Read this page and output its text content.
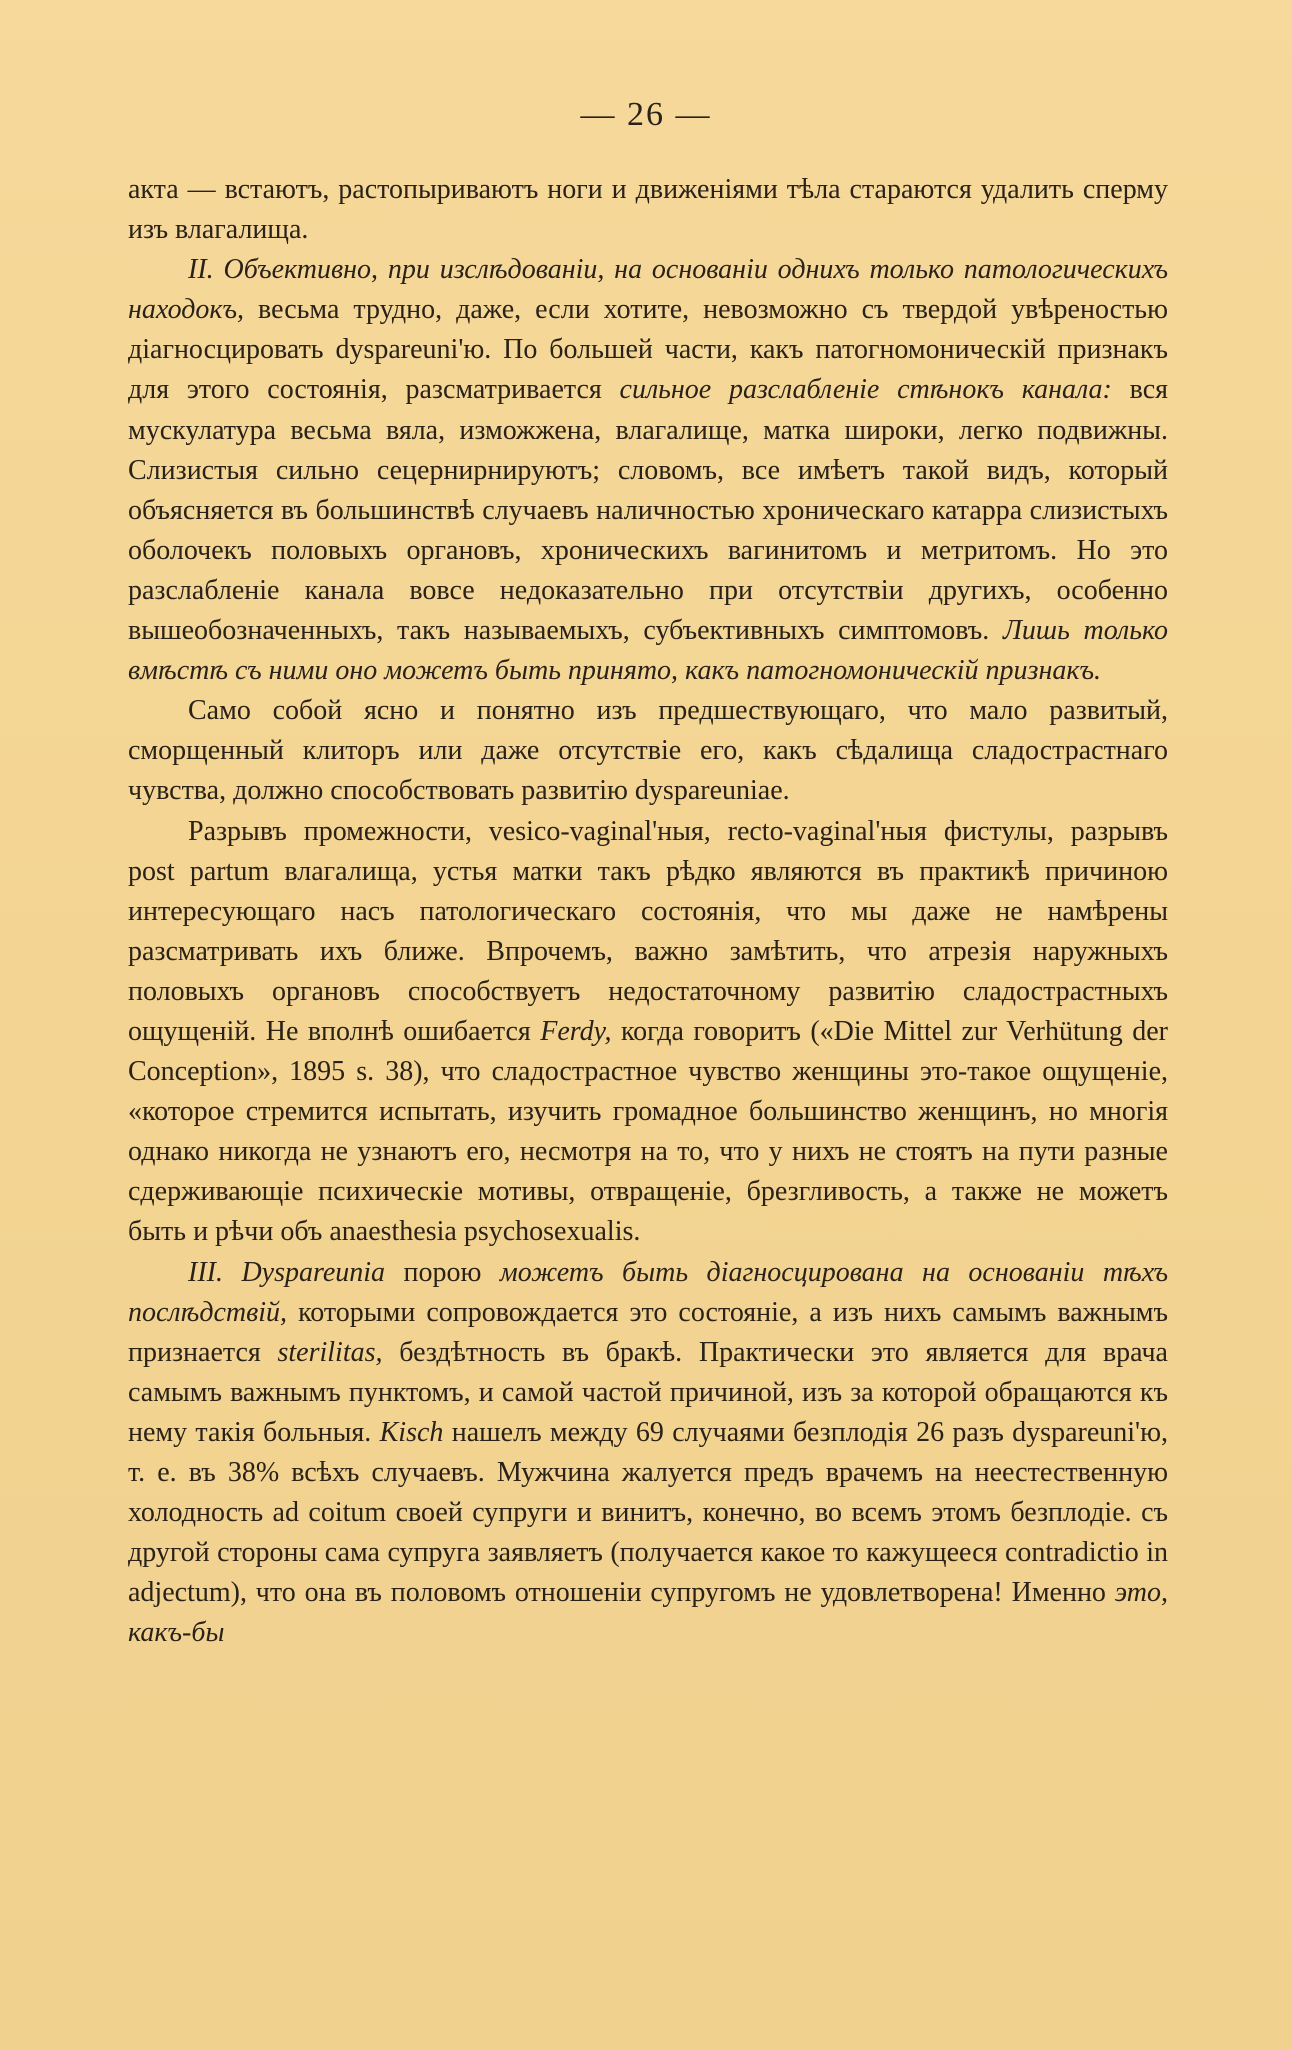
— 26 —

акта — встаютъ, растопыриваютъ ноги и движеніями тѣла стараются удалить сперму изъ влагалища.

II. Объективно, при изслѣдованіи, на основаніи однихъ только патологическихъ находокъ, весьма трудно, даже, если хотите, невозможно съ твердой увѣреностью діагносцировать dyspareuni'ю. По большей части, какъ патогномоническій признакъ для этого состоянія, разсматривается сильное разслабленіе стѣнокъ канала: вся мускулатура весьма вяла, изможжена, влагалище, матка широки, легко подвижны. Слизистыя сильно сецернирнируютъ; словомъ, все имѣетъ такой видъ, который объясняется въ большинствѣ случаевъ наличностью хроническаго катарра слизистыхъ оболочекъ половыхъ органовъ, хроническихъ вагинитомъ и метритомъ. Но это разслабленіе канала вовсе недоказательно при отсутствіи другихъ, особенно вышеобозначенныхъ, такъ называемыхъ, субъективныхъ симптомовъ. Лишь только вмѣстѣ съ ними оно можетъ быть принято, какъ патогномоническій признакъ.

Само собой ясно и понятно изъ предшествующаго, что мало развитый, сморщенный клиторъ или даже отсутствіе его, какъ сѣдалища сладострастнаго чувства, должно способствовать развитію dyspareuniae.

Разрывъ промежности, vesico-vaginal'ныя, recto-vaginal'ныя фистулы, разрывъ post partum влагалища, устья матки такъ рѣдко являются въ практикѣ причиною интересующаго насъ патологическаго состоянія, что мы даже не намѣрены разсматривать ихъ ближе. Впрочемъ, важно замѣтить, что атрезія наружныхъ половыхъ органовъ способствуетъ недостаточному развитію сладострастныхъ ощущеній. Не вполнѣ ошибается Ferdy, когда говоритъ («Die Mittel zur Verhütung der Conception», 1895 s. 38), что сладострастное чувство женщины это-такое ощущеніе, «которое стремится испытать, изучить громадное большинство женщинъ, но многія однако никогда не узнаютъ его, несмотря на то, что у нихъ не стоятъ на пути разные сдерживающіе психическіе мотивы, отвращеніе, брезгливость, а также не можетъ быть и рѣчи объ anaesthesia psychosexualis.

III. Dyspareunia порою можетъ быть діагносцирована на основаніи тѣхъ послѣдствій, которыми сопровождается это состояніе, а изъ нихъ самымъ важнымъ признается sterilitas, бездѣтность въ бракѣ. Практически это является для врача самымъ важнымъ пунктомъ, и самой частой причиной, изъ за которой обращаются къ нему такія больныя. Kisch нашелъ между 69 случаями безплодія 26 разъ dyspareuni'ю, т. е. въ 38% всѣхъ случаевъ. Мужчина жалуется предъ врачемъ на неестественную холодность ad coitum своей супруги и винитъ, конечно, во всемъ этомъ безплодіе. съ другой стороны сама супруга заявляетъ (получается какое то кажущееся contradictio in adjectum), что она въ половомъ отношеніи супругомъ не удовлетворена! Именно это, какъ-бы
